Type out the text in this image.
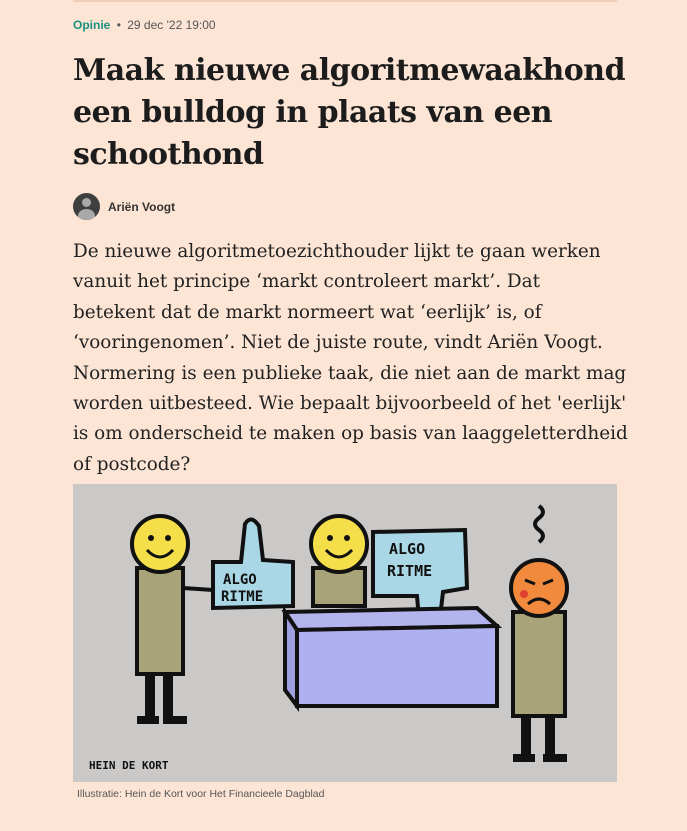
Opinie • 29 dec '22 19:00
Maak nieuwe algoritmewaakhond een bulldog in plaats van een schoothond
Ariën Voogt

De nieuwe algoritmetoezichthouder lijkt te gaan werken vanuit het principe ‘markt controleert markt’. Dat betekent dat de markt normeert wat ‘eerlijk’ is, of ‘vooringenomen’. Niet de juiste route, vindt Ariën Voogt. Normering is een publieke taak, die niet aan de markt mag worden uitbesteed. Wie bepaalt bijvoorbeeld of het 'eerlijk' is om onderscheid te maken op basis van laaggeletterdheid of postcode?

ALGO
RITME
ALGO
RITME
HEIN DE KORT
Illustratie: Hein de Kort voor Het Financieele Dagblad
